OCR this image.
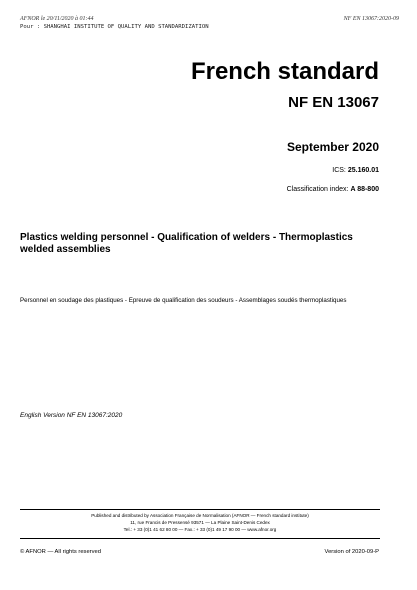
AFNOR le 20/11/2020 à 01:44
Pour : SHANGHAI INSTITUTE OF QUALITY AND STANDARDIZATION
NF EN 13067:2020-09
French standard
NF EN 13067
September 2020
ICS: 25.160.01
Classification index: A 88-800
Plastics welding personnel - Qualification of welders - Thermoplastics welded assemblies
Personnel en soudage des plastiques - Epreuve de qualification des soudeurs - Assemblages soudés thermoplastiques
English Version NF EN 13067:2020
Published and distributed by Association Française de Normalisation (AFNOR — French standard institute)
11, rue Francis de Pressensé 93571 — La Plaine Saint-Denis Cedex
Tel.: + 33 (0)1 41 62 80 00 — Fax.: + 33 (0)1 49 17 90 00 — www.afnor.org
© AFNOR — All rights reserved	Version of 2020-09-P
